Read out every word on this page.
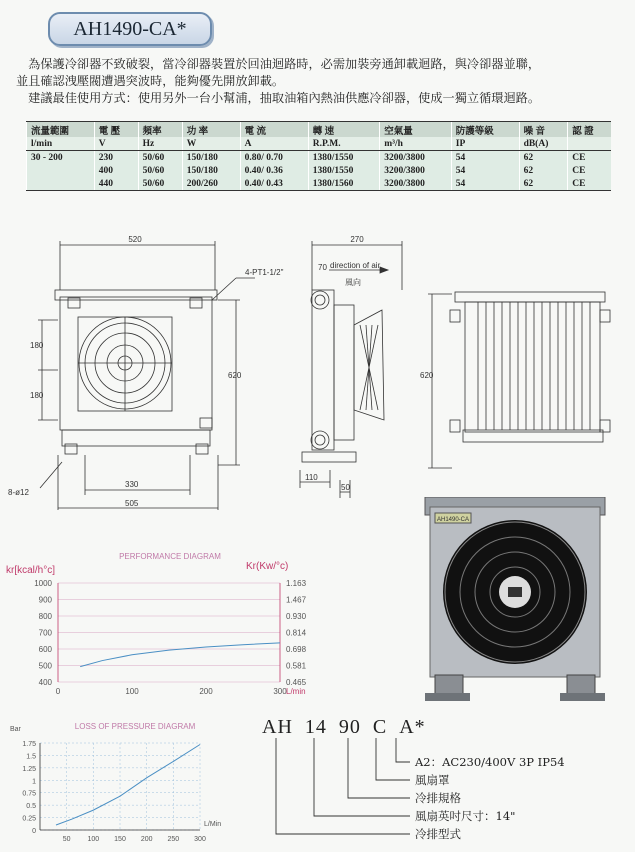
AH1490-CA*

　為保護冷卻器不致破裂，當冷卻器裝置於回油迴路時，必需加裝旁通卸載迴路，與冷卻器並聯，

並且確認洩壓閥遭遇突波時，能夠優先開放卸載。

　建議最佳使用方式：使用另外一台小幫浦，抽取油箱內熱油供應冷卻器，使成一獨立循環迴路。

流量範圍	電 壓	頻率	功 率	電 流	轉 速	空氣量	防護等級	噪 音	認 證
l/min	V	Hz	W	A	R.P.M.	m³/h	IP	dB(A)	
30 - 200	230	50/60	150/180	0.80/ 0.70	1380/1550	3200/3800	54	62	CE
	400	50/60	150/180	0.40/ 0.36	1380/1550	3200/3800	54	62	CE
	440	50/60	200/260	0.40/ 0.43	1380/1560	3200/3800	54	62	CE
520	270
4-PT1-1/2"
70 direction of air
風向
620
180
180
620
330
505
8-ø12
110
50
AH1490-CA
PERFORMANCE DIAGRAM
kr[kcal/h°c]	Kr(Kw/°c)
400	0.465
500	0.581
600	0.698
700	0.814
800	0.930
900	1.467
1000	1.163
0	100	200	300 L/min
LOSS OF PRESSURE DIAGRAM
Bar
0
0.25
0.5
0.75
1
1.25
1.5
1.75
50 100 150 200 250 300
L/Min
AH 14 90 C A*
A2：AC230/400V 3P IP54
風扇罩
冷排規格
風扇英吋尺寸：14"
冷排型式
